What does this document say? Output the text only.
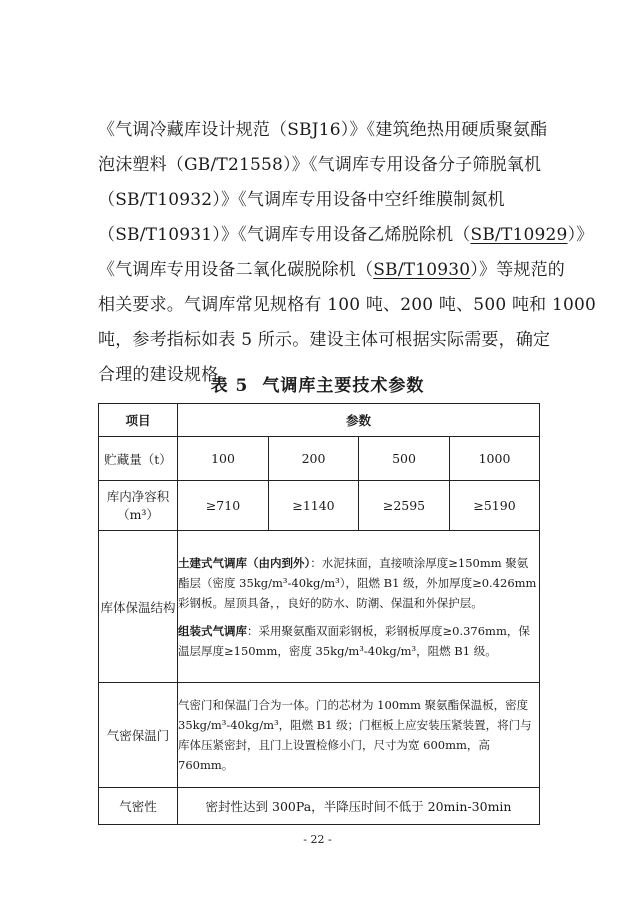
《气调冷藏库设计规范（SBJ16）》《建筑绝热用硬质聚氨酯
泡沫塑料（GB/T21558）》《气调库专用设备分子筛脱氧机
（SB/T10932）》《气调库专用设备中空纤维膜制氮机
（SB/T10931）》《气调库专用设备乙烯脱除机（SB/T10929）》
《气调库专用设备二氧化碳脱除机（SB/T10930）》等规范的
相关要求。气调库常见规格有 100 吨、200 吨、500 吨和 1000
吨，参考指标如表 5 所示。建设主体可根据实际需要，确定
合理的建设规格。
表 5 气调库主要技术参数
项目	参数			
贮藏量（t）	100	200	500	1000

库内净容积
（m³）	≥710	≥1140	≥2595	≥5190
库体保温结构	土建式气调库（由内到外）：水泥抹面，直接喷涂厚度≥150mm 聚氨酯层（密度 35kg/m³-40kg/m³），阻燃 B1 级，外加厚度≥0.426mm 彩钢板。屋顶具备，，良好的防水、防潮、保温和外保护层。

组装式气调库：采用聚氨酯双面彩钢板，彩钢板厚度≥0.376mm，保温层厚度≥150mm，密度 35kg/m³-40kg/m³，阻燃 B1 级。			

气密保温门	气密门和保温门合为一体。门的芯材为 100mm 聚氨酯保温板，密度 35kg/m³-40kg/m³，阻燃 B1 级；门框板上应安装压紧装置，将门与库体压紧密封，且门上设置检修小门，尺寸为宽 600mm，高 760mm。			
气密性	密封性达到 300Pa，半降压时间不低于 20min-30min			
- 22 -
